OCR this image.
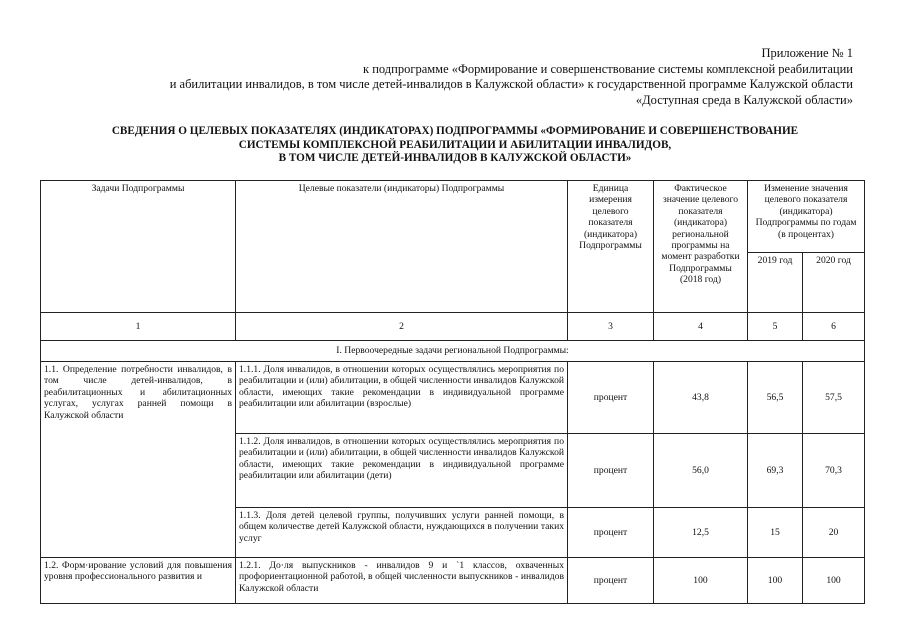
Приложение № 1
к подпрограмме «Формирование и совершенствование системы комплексной реабилитации
и абилитации инвалидов, в том числе детей-инвалидов в Калужской области» к государственной программе Калужской области
«Доступная среда в Калужской области»
СВЕДЕНИЯ О ЦЕЛЕВЫХ ПОКАЗАТЕЛЯХ (ИНДИКАТОРАХ) ПОДПРОГРАММЫ «ФОРМИРОВАНИЕ И СОВЕРШЕНСТВОВАНИЕ
СИСТЕМЫ КОМПЛЕКСНОЙ РЕАБИЛИТАЦИИ И АБИЛИТАЦИИ ИНВАЛИДОВ,
В ТОМ ЧИСЛЕ ДЕТЕЙ-ИНВАЛИДОВ В КАЛУЖСКОЙ ОБЛАСТИ»
Задачи Подпрограммы	Целевые показатели (индикаторы) Подпрограммы	Единица измерения целевого показателя (индикатора) Подпрограммы	Фактическое значение целевого показателя (индикатора) региональной программы на момент разработки Подпрограммы (2018 год)	Изменение значения целевого показателя (индикатора) Подпрограммы по годам (в процентах)	
				2019 год	2020 год
1	2	3	4	5	6
I. Первоочередные задачи региональной Подпрограммы:					
1.1. Определение потребности инвалидов, в том числе детей-инвалидов, в реабилитационных и абилитационных услугах, услугах ранней помощи в Калужской области	1.1.1. Доля инвалидов, в отношении которых осуществлялись мероприятия по реабилитации и (или) абилитации, в общей численности инвалидов Калужской области, имеющих такие рекомендации в индивидуальной программе реабилитации или абилитации (взрослые)	процент	43,8	56,5	57,5
	1.1.2. Доля инвалидов, в отношении которых осуществлялись мероприятия по реабилитации и (или) абилитации, в общей численности инвалидов Калужской области, имеющих такие рекомендации в индивидуальной программе реабилитации или абилитации (дети)	процент	56,0	69,3	70,3
	1.1.3. Доля детей целевой группы, получивших услуги ранней помощи, в общем количестве детей Калужской области, нуждающихся в получении таких услуг	процент	12,5	15	20
1.2. Форм·ирование условий для повышения уровня профессионального развития и	1.2.1. До·ля выпускников - инвалидов 9 и `1 классов, охваченных профориентационной работой, в общей численности выпускников - инвалидов Калужской области	процент	100	100	100
